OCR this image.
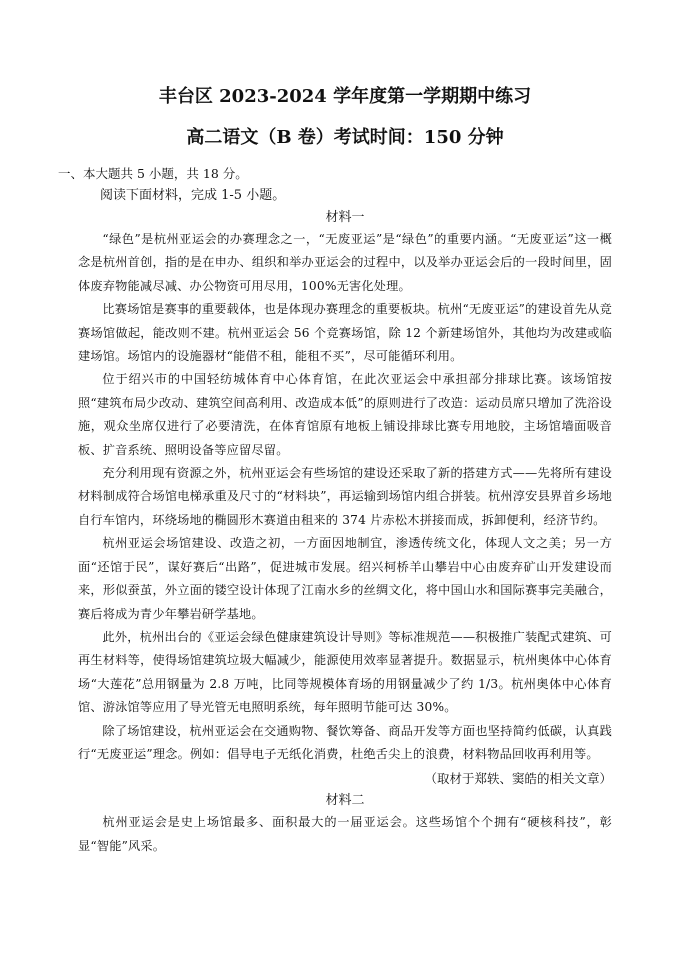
丰台区 2023-2024 学年度第一学期期中练习
高二语文（B 卷）考试时间：150 分钟

一、本大题共 5 小题，共 18 分。

阅读下面材料，完成 1-5 小题。

材料一

“绿色”是杭州亚运会的办赛理念之一，“无废亚运”是“绿色”的重要内涵。“无废亚运”这一概念是杭州首创，指的是在申办、组织和举办亚运会的过程中，以及举办亚运会后的一段时间里，固体废弃物能减尽减、办公物资可用尽用，100%无害化处理。

比赛场馆是赛事的重要载体，也是体现办赛理念的重要板块。杭州“无废亚运”的建设首先从竞赛场馆做起，能改则不建。杭州亚运会 56 个竞赛场馆，除 12 个新建场馆外，其他均为改建或临建场馆。场馆内的设施器材“能借不租，能租不买”，尽可能循环利用。

位于绍兴市的中国轻纺城体育中心体育馆，在此次亚运会中承担部分排球比赛。该场馆按照“建筑布局少改动、建筑空间高利用、改造成本低”的原则进行了改造：运动员席只增加了洗浴设施，观众坐席仅进行了必要清洗，在体育馆原有地板上铺设排球比赛专用地胶，主场馆墙面吸音板、扩音系统、照明设备等应留尽留。

充分利用现有资源之外，杭州亚运会有些场馆的建设还采取了新的搭建方式——先将所有建设材料制成符合场馆电梯承重及尺寸的“材料块”，再运输到场馆内组合拼装。杭州淳安县界首乡场地自行车馆内，环绕场地的椭圆形木赛道由租来的 374 片赤松木拼接而成，拆卸便利，经济节约。

杭州亚运会场馆建设、改造之初，一方面因地制宜，渗透传统文化，体现人文之美；另一方面“还馆于民”，谋好赛后“出路”，促进城市发展。绍兴柯桥羊山攀岩中心由废弃矿山开发建设而来，形似蚕茧，外立面的镂空设计体现了江南水乡的丝绸文化，将中国山水和国际赛事完美融合，赛后将成为青少年攀岩研学基地。

此外，杭州出台的《亚运会绿色健康建筑设计导则》等标准规范——积极推广装配式建筑、可再生材料等，使得场馆建筑垃圾大幅减少，能源使用效率显著提升。数据显示，杭州奥体中心体育场“大莲花”总用钢量为 2.8 万吨，比同等规模体育场的用钢量减少了约 1/3。杭州奥体中心体育馆、游泳馆等应用了导光管无电照明系统，每年照明节能可达 30%。

除了场馆建设，杭州亚运会在交通购物、餐饮筹备、商品开发等方面也坚持简约低碳，认真践行“无废亚运”理念。例如：倡导电子无纸化消费，杜绝舌尖上的浪费，材料物品回收再利用等。

（取材于郑轶、窦皓的相关文章）

材料二

杭州亚运会是史上场馆最多、面积最大的一届亚运会。这些场馆个个拥有“硬核科技”，彰显“智能”风采。
